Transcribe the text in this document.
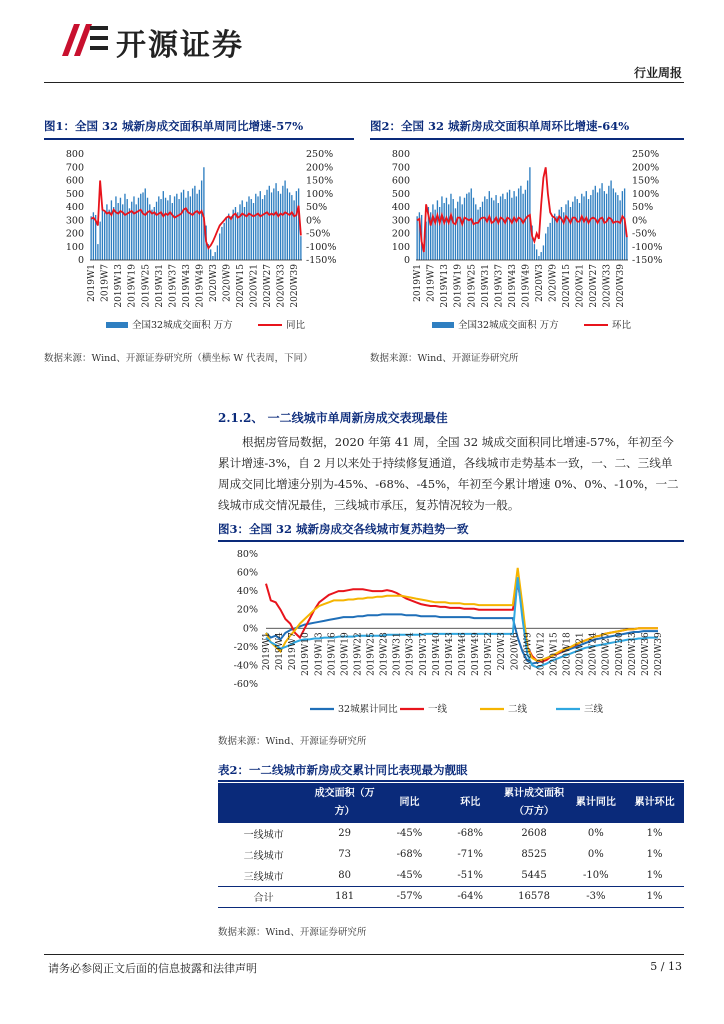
开源证券
行业周报
图1：全国 32 城新房成交面积单周同比增速-57%
0
100
200
300
400
500
600
700
800
-150%
-100%
-50%
0%
50%
100%
150%
200%
250%
2019W1 2019W7 2019W13 2019W19 2019W25 2019W31 2019W37 2019W43 2019W49 2020W3 2020W9 2020W15 2020W21 2020W27 2020W33 2020W39
全国32城成交面积 万方	同比
数据来源：Wind、开源证券研究所（横坐标 W 代表周，下同）
图2：全国 32 城新房成交面积单周环比增速-64%
0
100
200
300
400
500
600
700
800
-150%
-100%
-50%
0%
50%
100%
150%
200%
250%
2019W1 2019W7 2019W13 2019W19 2019W25 2019W31 2019W37 2019W43 2019W49 2020W3 2020W9 2020W15 2020W21 2020W27 2020W33 2020W39
全国32城成交面积 万方	环比
数据来源：Wind、开源证券研究所
2.1.2、 一二线城市单周新房成交表现最佳
根据房管局数据，2020 年第 41 周，全国 32 城成交面积同比增速-57%，年初至今累计增速-3%，自 2 月以来处于持续修复通道，各线城市走势基本一致，一、二、三线单周成交同比增速分别为-45%、-68%、-45%，年初至今累计增速 0%、0%、-10%，一二线城市成交情况最佳，三线城市承压，复苏情况较为一般。
图3：全国 32 城新房成交各线城市复苏趋势一致
-60%
-40%
-20%
0%
20%
40%
60%
80%
2019W1 2019W4 2019W7 2019W10 2019W13 2019W16 2019W19 2019W22 2019W25 2019W28 2019W31 2019W34 2019W37 2019W40 2019W43 2019W46 2019W49 2019W52 2020W3 2020W6 2020W9 2020W12 2020W15 2020W18 2020W21 2020W24 2020W27 2020W30 2020W33 2020W36 2020W39
32城累计同比	一线	二线	三线
数据来源：Wind、开源证券研究所
表2：一二线城市新房成交累计同比表现最为靓眼
	成交面积（万方）	同比	环比	累计成交面积（万方）	累计同比	累计环比
一线城市	29	-45%	-68%	2608	0%	1%
二线城市	73	-68%	-71%	8525	0%	1%
三线城市	80	-45%	-51%	5445	-10%	1%
合计	181	-57%	-64%	16578	-3%	1%
数据来源：Wind、开源证券研究所
请务必参阅正文后面的信息披露和法律声明	5 / 13
